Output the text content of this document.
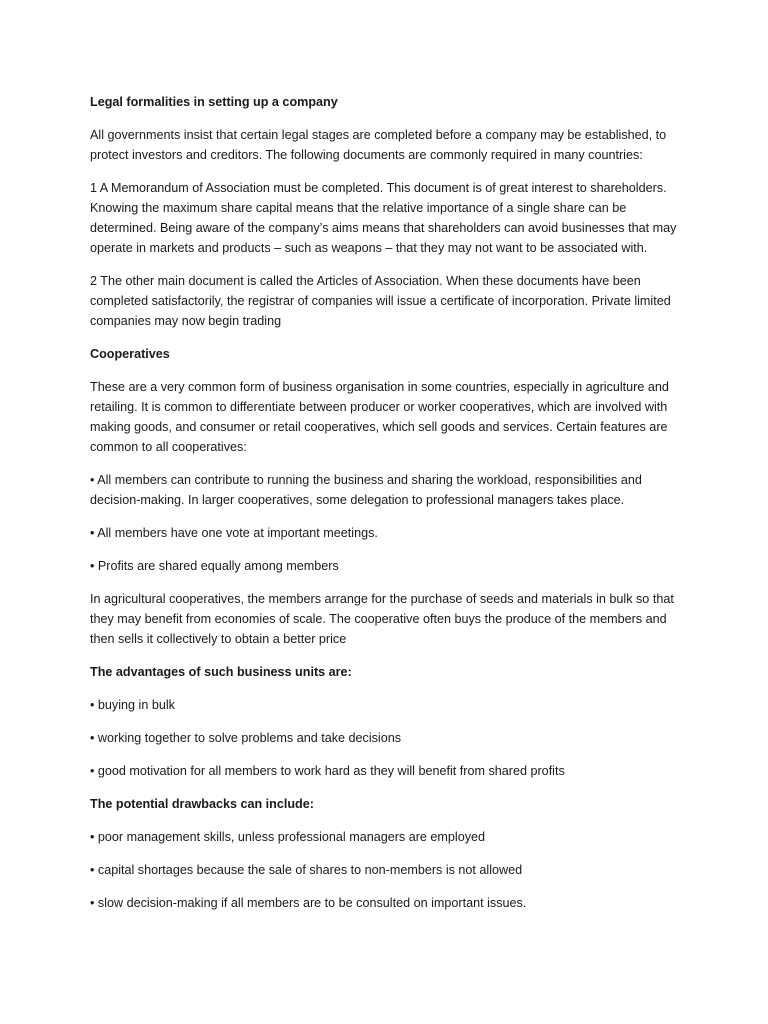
Legal formalities in setting up a company

All governments insist that certain legal stages are completed before a company may be established, to protect investors and creditors. The following documents are commonly required in many countries:

1 A Memorandum of Association must be completed. This document is of great interest to shareholders. Knowing the maximum share capital means that the relative importance of a single share can be determined. Being aware of the company’s aims means that shareholders can avoid businesses that may operate in markets and products – such as weapons – that they may not want to be associated with.

2 The other main document is called the Articles of Association. When these documents have been completed satisfactorily, the registrar of companies will issue a certificate of incorporation. Private limited companies may now begin trading

Cooperatives

These are a very common form of business organisation in some countries, especially in agriculture and retailing. It is common to differentiate between producer or worker cooperatives, which are involved with making goods, and consumer or retail cooperatives, which sell goods and services. Certain features are common to all cooperatives:

• All members can contribute to running the business and sharing the workload, responsibilities and decision-making. In larger cooperatives, some delegation to professional managers takes place.

• All members have one vote at important meetings.

• Profits are shared equally among members

In agricultural cooperatives, the members arrange for the purchase of seeds and materials in bulk so that they may benefit from economies of scale. The cooperative often buys the produce of the members and then sells it collectively to obtain a better price

The advantages of such business units are:

• buying in bulk

• working together to solve problems and take decisions

• good motivation for all members to work hard as they will benefit from shared profits

The potential drawbacks can include:

• poor management skills, unless professional managers are employed

• capital shortages because the sale of shares to non-members is not allowed

• slow decision-making if all members are to be consulted on important issues.
